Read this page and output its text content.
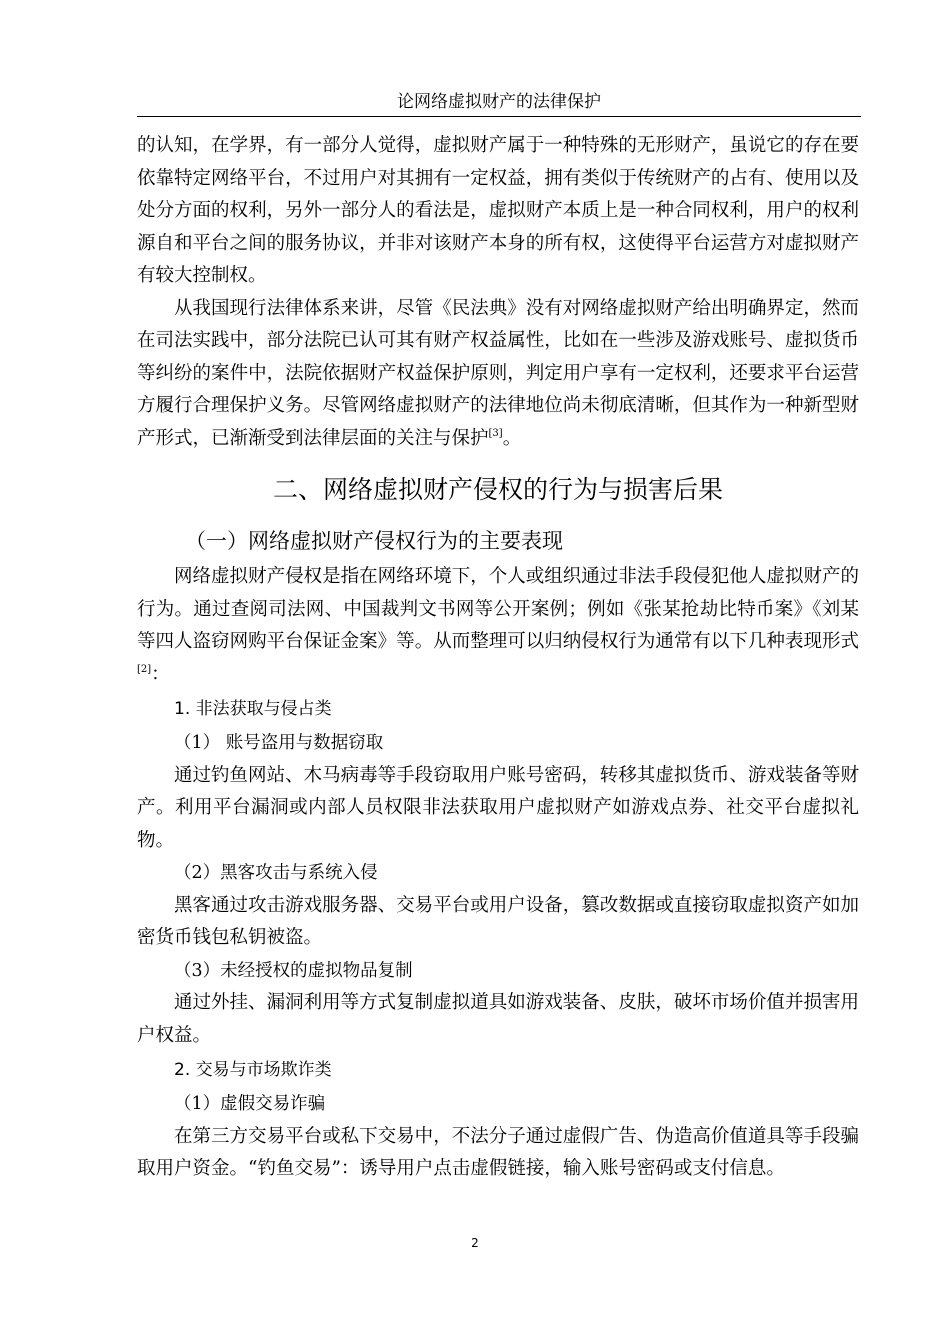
论网络虚拟财产的法律保护

的认知，在学界，有一部分人觉得，虚拟财产属于一种特殊的无形财产，虽说它的存在要依靠特定网络平台，不过用户对其拥有一定权益，拥有类似于传统财产的占有、使用以及处分方面的权利，另外一部分人的看法是，虚拟财产本质上是一种合同权利，用户的权利源自和平台之间的服务协议，并非对该财产本身的所有权，这使得平台运营方对虚拟财产有较大控制权。

从我国现行法律体系来讲，尽管《民法典》没有对网络虚拟财产给出明确界定，然而在司法实践中，部分法院已认可其有财产权益属性，比如在一些涉及游戏账号、虚拟货币等纠纷的案件中，法院依据财产权益保护原则，判定用户享有一定权利，还要求平台运营方履行合理保护义务。尽管网络虚拟财产的法律地位尚未彻底清晰，但其作为一种新型财产形式，已渐渐受到法律层面的关注与保护[3]。

二、网络虚拟财产侵权的行为与损害后果
（一）网络虚拟财产侵权行为的主要表现

网络虚拟财产侵权是指在网络环境下，个人或组织通过非法手段侵犯他人虚拟财产的行为。通过查阅司法网、中国裁判文书网等公开案例；例如《张某抢劫比特币案》《刘某等四人盗窃网购平台保证金案》等。从而整理可以归纳侵权行为通常有以下几种表现形式[2]：

1. 非法获取与侵占类
（1） 账号盗用与数据窃取

通过钓鱼网站、木马病毒等手段窃取用户账号密码，转移其虚拟货币、游戏装备等财产。利用平台漏洞或内部人员权限非法获取用户虚拟财产如游戏点券、社交平台虚拟礼物。

（2）黑客攻击与系统入侵

黑客通过攻击游戏服务器、交易平台或用户设备，篡改数据或直接窃取虚拟资产如加密货币钱包私钥被盗。

（3）未经授权的虚拟物品复制

通过外挂、漏洞利用等方式复制虚拟道具如游戏装备、皮肤，破坏市场价值并损害用户权益。

2. 交易与市场欺诈类
（1）虚假交易诈骗

在第三方交易平台或私下交易中，不法分子通过虚假广告、伪造高价值道具等手段骗取用户资金。“钓鱼交易”：诱导用户点击虚假链接，输入账号密码或支付信息。

2
